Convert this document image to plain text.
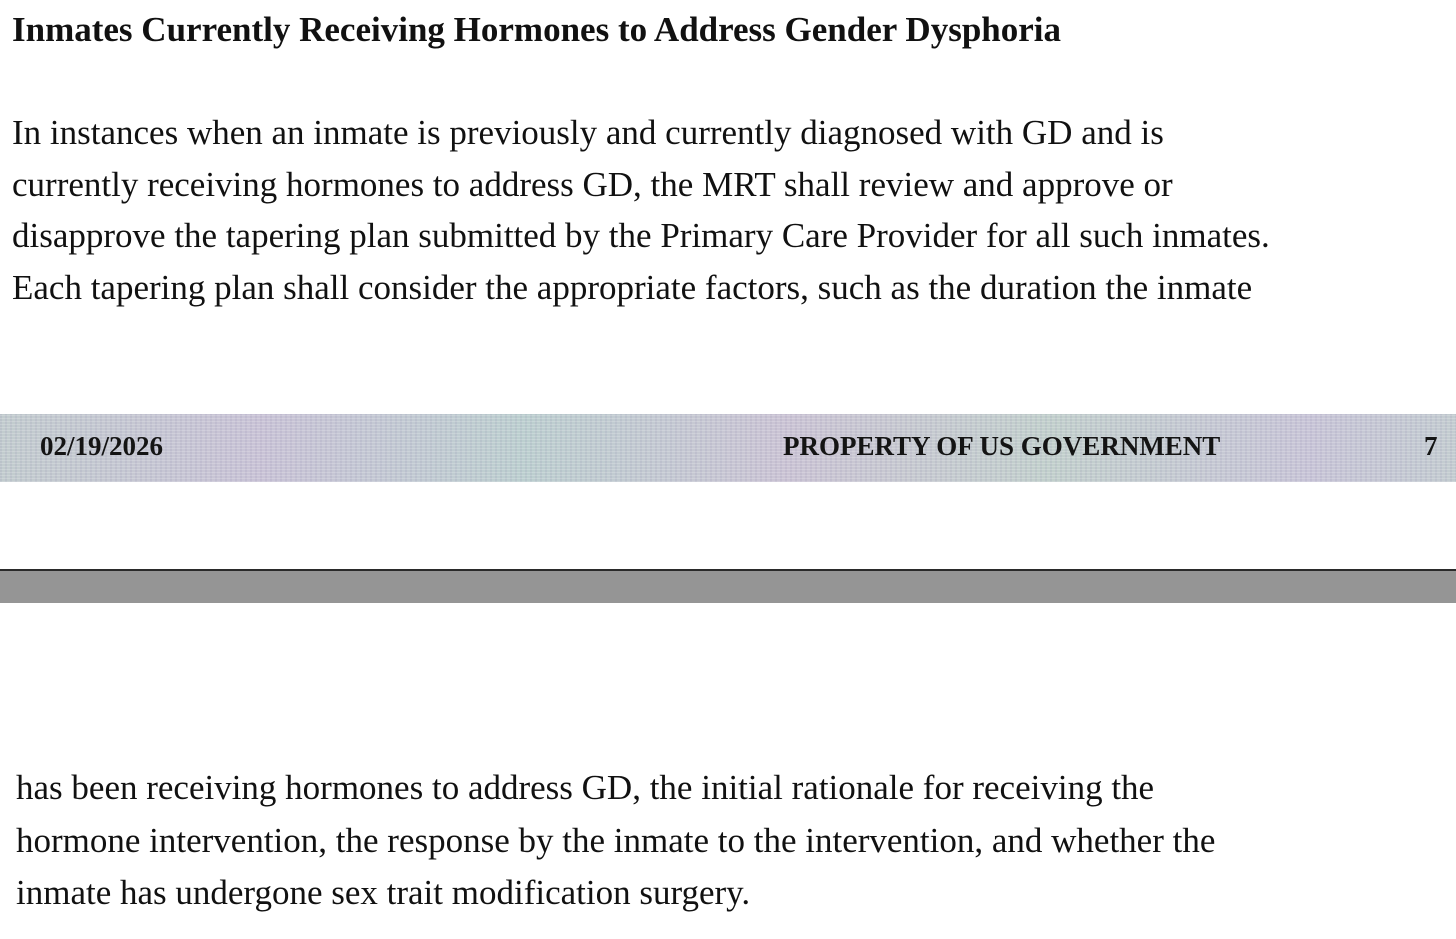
Inmates Currently Receiving Hormones to Address Gender Dysphoria

In instances when an inmate is previously and currently diagnosed with GD and is
currently receiving hormones to address GD, the MRT shall review and approve or
disapprove the tapering plan submitted by the Primary Care Provider for all such inmates.
Each tapering plan shall consider the appropriate factors, such as the duration the inmate

02/19/2026	PROPERTY OF US GOVERNMENT	7

has been receiving hormones to address GD, the initial rationale for receiving the
hormone intervention, the response by the inmate to the intervention, and whether the
inmate has undergone sex trait modification surgery.
